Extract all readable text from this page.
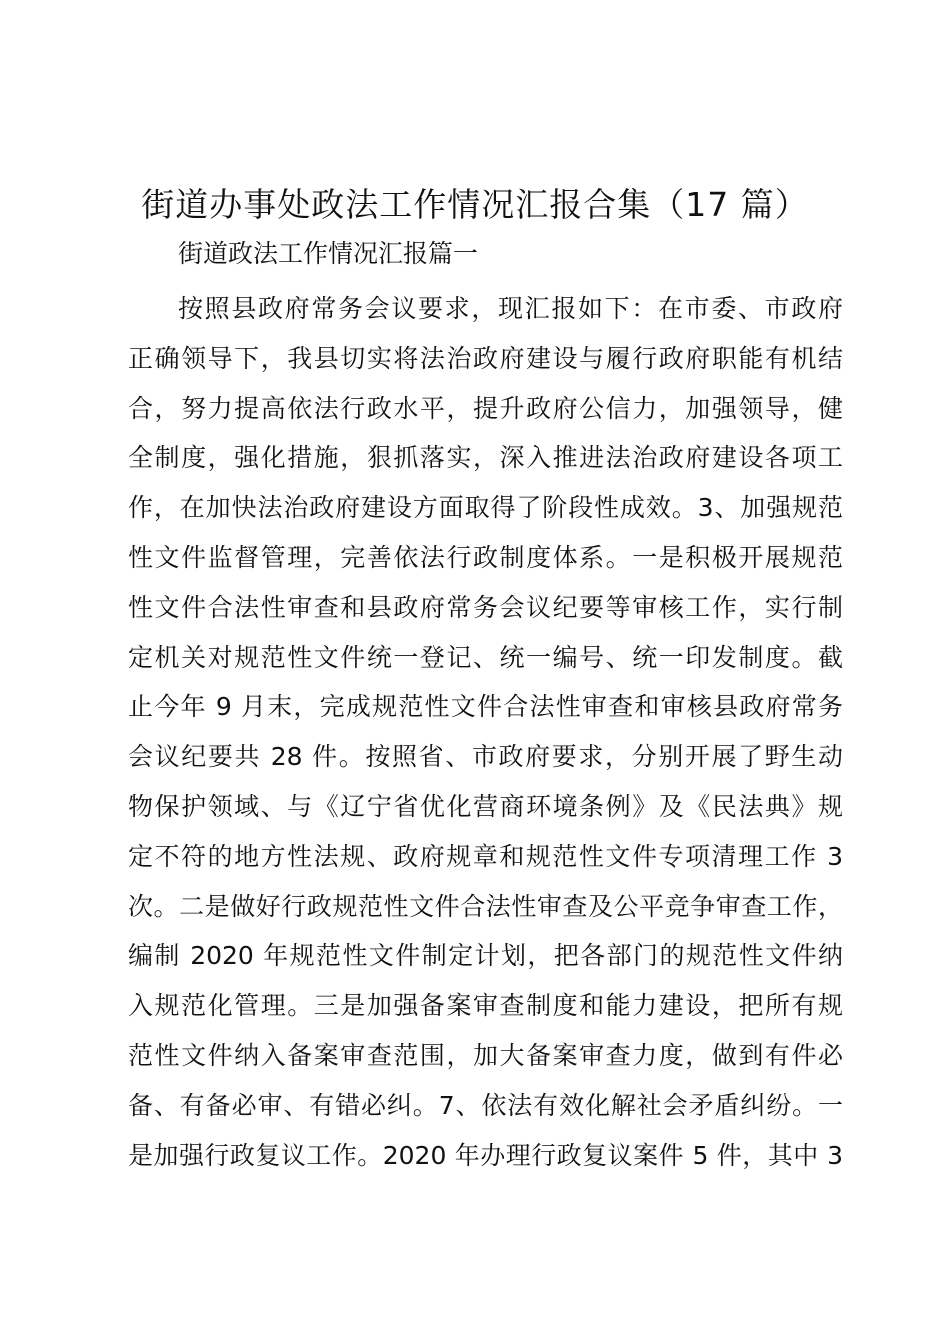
街道办事处政法工作情况汇报合集（17 篇）
街道政法工作情况汇报篇一
按照县政府常务会议要求，现汇报如下：在市委、市政府
正确领导下，我县切实将法治政府建设与履行政府职能有机结
合，努力提高依法行政水平，提升政府公信力，加强领导，健
全制度，强化措施，狠抓落实，深入推进法治政府建设各项工
作，在加快法治政府建设方面取得了阶段性成效。3、加强规范
性文件监督管理，完善依法行政制度体系。一是积极开展规范
性文件合法性审查和县政府常务会议纪要等审核工作，实行制
定机关对规范性文件统一登记、统一编号、统一印发制度。截
止今年 9 月末，完成规范性文件合法性审查和审核县政府常务
会议纪要共 28 件。按照省、市政府要求，分别开展了野生动
物保护领域、与《辽宁省优化营商环境条例》及《民法典》规
定不符的地方性法规、政府规章和规范性文件专项清理工作 3
次。二是做好行政规范性文件合法性审查及公平竞争审查工作，
编制 2020 年规范性文件制定计划，把各部门的规范性文件纳
入规范化管理。三是加强备案审查制度和能力建设，把所有规
范性文件纳入备案审查范围，加大备案审查力度，做到有件必
备、有备必审、有错必纠。7、依法有效化解社会矛盾纠纷。一
是加强行政复议工作。2020 年办理行政复议案件 5 件，其中 3
